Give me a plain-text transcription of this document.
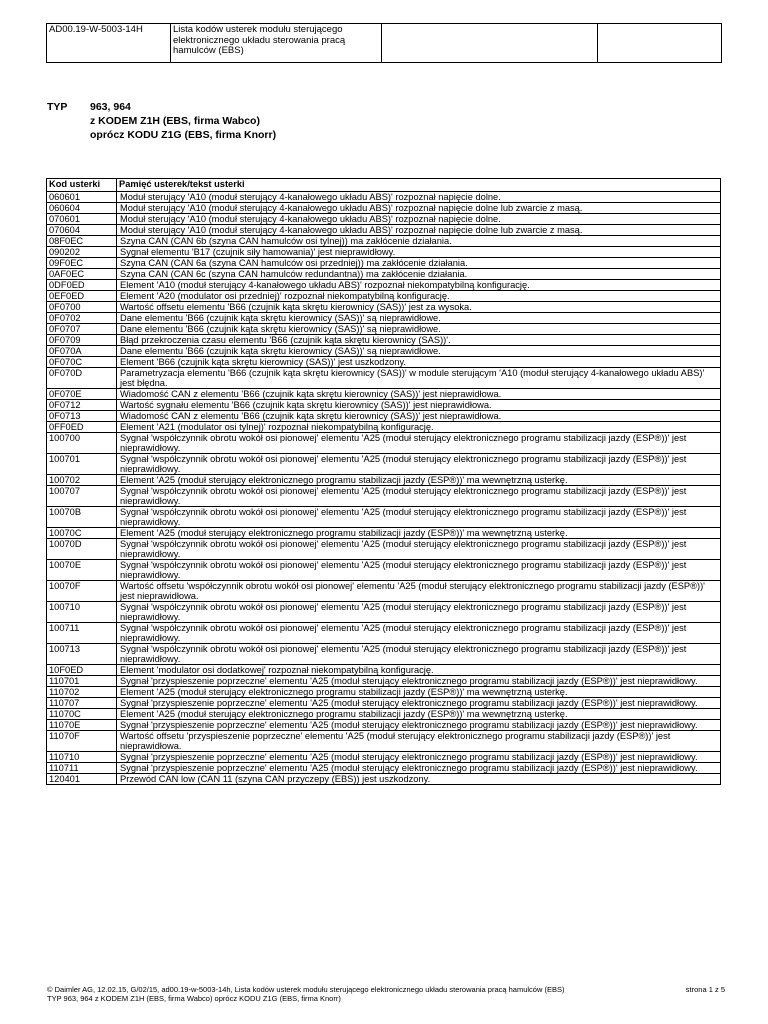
AD00.19-W-5003-14H	Lista kodów usterek modułu sterującego elektronicznego układu sterowania pracą hamulców (EBS)		
TYP 963, 964
z KODEM Z1H (EBS, firma Wabco)
oprócz KODU Z1G (EBS, firma Knorr)
Kod usterki	Pamięć usterek/tekst usterki
060601	Moduł sterujący 'A10 (moduł sterujący 4-kanałowego układu ABS)' rozpoznał napięcie dolne.
060604	Moduł sterujący 'A10 (moduł sterujący 4-kanałowego układu ABS)' rozpoznał napięcie dolne lub zwarcie z masą.
070601	Moduł sterujący 'A10 (moduł sterujący 4-kanałowego układu ABS)' rozpoznał napięcie dolne.
070604	Moduł sterujący 'A10 (moduł sterujący 4-kanałowego układu ABS)' rozpoznał napięcie dolne lub zwarcie z masą.
08F0EC	Szyna CAN (CAN 6b (szyna CAN hamulców osi tylnej)) ma zakłócenie działania.
090202	Sygnał elementu 'B17 (czujnik siły hamowania)' jest nieprawidłowy.
09F0EC	Szyna CAN (CAN 6a (szyna CAN hamulców osi przedniej)) ma zakłócenie działania.
0AF0EC	Szyna CAN (CAN 6c (szyna CAN hamulców redundantna)) ma zakłócenie działania.
0DF0ED	Element 'A10 (moduł sterujący 4-kanałowego układu ABS)' rozpoznał niekompatybilną konfigurację.
0EF0ED	Element 'A20 (modulator osi przedniej)' rozpoznał niekompatybilną konfigurację.
0F0700	Wartość offsetu elementu 'B66 (czujnik kąta skrętu kierownicy (SAS))' jest za wysoka.
0F0702	Dane elementu 'B66 (czujnik kąta skrętu kierownicy (SAS))' są nieprawidłowe.
0F0707	Dane elementu 'B66 (czujnik kąta skrętu kierownicy (SAS))' są nieprawidłowe.
0F0709	Błąd przekroczenia czasu elementu 'B66 (czujnik kąta skrętu kierownicy (SAS))'.
0F070A	Dane elementu 'B66 (czujnik kąta skrętu kierownicy (SAS))' są nieprawidłowe.
0F070C	Element 'B66 (czujnik kąta skrętu kierownicy (SAS))' jest uszkodzony.
0F070D	Parametryzacja elementu 'B66 (czujnik kąta skrętu kierownicy (SAS))' w module sterującym 'A10 (moduł sterujący 4-kanałowego układu ABS)' jest błędna.
0F070E	Wiadomość CAN z elementu 'B66 (czujnik kąta skrętu kierownicy (SAS))' jest nieprawidłowa.
0F0712	Wartość sygnału elementu 'B66 (czujnik kąta skrętu kierownicy (SAS))' jest nieprawidłowa.
0F0713	Wiadomość CAN z elementu 'B66 (czujnik kąta skrętu kierownicy (SAS))' jest nieprawidłowa.
0FF0ED	Element 'A21 (modulator osi tylnej)' rozpoznał niekompatybilną konfigurację.
100700	Sygnał 'współczynnik obrotu wokół osi pionowej' elementu 'A25 (moduł sterujący elektronicznego programu stabilizacji jazdy (ESP®))' jest nieprawidłowy.
100701	Sygnał 'współczynnik obrotu wokół osi pionowej' elementu 'A25 (moduł sterujący elektronicznego programu stabilizacji jazdy (ESP®))' jest nieprawidłowy.
100702	Element 'A25 (moduł sterujący elektronicznego programu stabilizacji jazdy (ESP®))' ma wewnętrzną usterkę.
100707	Sygnał 'współczynnik obrotu wokół osi pionowej' elementu 'A25 (moduł sterujący elektronicznego programu stabilizacji jazdy (ESP®))' jest nieprawidłowy.
10070B	Sygnał 'współczynnik obrotu wokół osi pionowej' elementu 'A25 (moduł sterujący elektronicznego programu stabilizacji jazdy (ESP®))' jest nieprawidłowy.
10070C	Element 'A25 (moduł sterujący elektronicznego programu stabilizacji jazdy (ESP®))' ma wewnętrzną usterkę.
10070D	Sygnał 'współczynnik obrotu wokół osi pionowej' elementu 'A25 (moduł sterujący elektronicznego programu stabilizacji jazdy (ESP®))' jest nieprawidłowy.
10070E	Sygnał 'współczynnik obrotu wokół osi pionowej' elementu 'A25 (moduł sterujący elektronicznego programu stabilizacji jazdy (ESP®))' jest nieprawidłowy.
10070F	Wartość offsetu 'współczynnik obrotu wokół osi pionowej' elementu 'A25 (moduł sterujący elektronicznego programu stabilizacji jazdy (ESP®))' jest nieprawidłowa.
100710	Sygnał 'współczynnik obrotu wokół osi pionowej' elementu 'A25 (moduł sterujący elektronicznego programu stabilizacji jazdy (ESP®))' jest nieprawidłowy.
100711	Sygnał 'współczynnik obrotu wokół osi pionowej' elementu 'A25 (moduł sterujący elektronicznego programu stabilizacji jazdy (ESP®))' jest nieprawidłowy.
100713	Sygnał 'współczynnik obrotu wokół osi pionowej' elementu 'A25 (moduł sterujący elektronicznego programu stabilizacji jazdy (ESP®))' jest nieprawidłowy.
10F0ED	Element 'modulator osi dodatkowej' rozpoznał niekompatybilną konfigurację.
110701	Sygnał 'przyspieszenie poprzeczne' elementu 'A25 (moduł sterujący elektronicznego programu stabilizacji jazdy (ESP®))' jest nieprawidłowy.
110702	Element 'A25 (moduł sterujący elektronicznego programu stabilizacji jazdy (ESP®))' ma wewnętrzną usterkę.
110707	Sygnał 'przyspieszenie poprzeczne' elementu 'A25 (moduł sterujący elektronicznego programu stabilizacji jazdy (ESP®))' jest nieprawidłowy.
11070C	Element 'A25 (moduł sterujący elektronicznego programu stabilizacji jazdy (ESP®))' ma wewnętrzną usterkę.
11070E	Sygnał 'przyspieszenie poprzeczne' elementu 'A25 (moduł sterujący elektronicznego programu stabilizacji jazdy (ESP®))' jest nieprawidłowy.
11070F	Wartość offsetu 'przyspieszenie poprzeczne' elementu 'A25 (moduł sterujący elektronicznego programu stabilizacji jazdy (ESP®))' jest nieprawidłowa.
110710	Sygnał 'przyspieszenie poprzeczne' elementu 'A25 (moduł sterujący elektronicznego programu stabilizacji jazdy (ESP®))' jest nieprawidłowy.
110711	Sygnał 'przyspieszenie poprzeczne' elementu 'A25 (moduł sterujący elektronicznego programu stabilizacji jazdy (ESP®))' jest nieprawidłowy.
120401	Przewód CAN low (CAN 11 (szyna CAN przyczepy (EBS)) jest uszkodzony.
© Daimler AG, 12.02.15, G/02/15, ad00.19-w-5003-14h, Lista kodów usterek modułu sterującego elektronicznego układu sterowania pracą hamulców (EBS)
TYP 963, 964 z KODEM Z1H (EBS, firma Wabco) oprócz KODU Z1G (EBS, firma Knorr)
strona 1 z 5
